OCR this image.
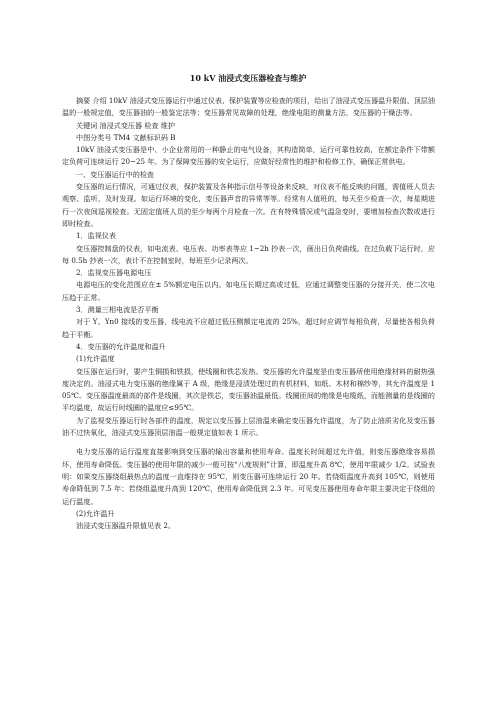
10 kV 油浸式变压器检查与维护

摘要 介绍 10kV 油浸式变压器运行中通过仪表、保护装置等应检查的项目，给出了油浸式变压器温升限值、顶层油温的一般规定值，变压器油的一般鉴定法等；变压器常见故障的处理，绝缘电阻的测量方法，变压器的干燥法等。

关键词 油浸式变压器 检查 维护

中图分类号 TM4 文献标识码 B

10kV 油浸式变压器是中、小企业常用的一种静止的电气设备，其构造简单，运行可靠性较高，在额定条件下带额定负荷可连续运行 20~25 年。为了保障变压器的安全运行，应做好经常性的维护和检修工作，确保正常供电。

一、变压器运行中的检查

变压器的运行情况，可通过仪表，保护装置及各种指示信号等设备来反映，对仪表不能反映的问题，需值班人员去观察、监听，及时发现。如运行环境的变化，变压器声音的异常等等。经常有人值班的，每天至少检查一次，每星期进行一次夜间巡视检查。无固定值班人员的至少每两个月检查一次。在有特殊情况或气温急变时，要增加检查次数或进行即时检查。

1．监视仪表

变压器控制盘的仪表，如电流表、电压表、功率表等应 1~2h 抄表一次，画出日负荷曲线。在过负载下运行时，应每 0.5h 抄表一次，表计不在控制室时，每班至少记录两次。

2．监视变压器电源电压

电源电压的变化范围应在± 5%额定电压以内。如电压长期过高或过低，应通过调整变压器的分接开关，使二次电压趋于正常。

3．测量三相电流是否平衡

对于 Y、Yn0 接线的变压器，线电流不应超过低压侧额定电流的 25%，超过时应调节每相负荷，尽量使各相负荷趋于平衡。

4．变压器的允许温度和温升

(1)允许温度

变压器在运行时，要产生铜损和铁损，使线圈和铁芯发热。变压器的允许温度是由变压器所使用绝缘材料的耐热强度决定的。油浸式电力变压器的绝缘属于 A 级，绝缘是浸渍处理过的有机材料，如纸、木材和棉纱等，其允许温度是 105℃。变压器温度最高的部件是线圈，其次是铁芯，变压器油温最低。线圈匝间的绝缘是电缆纸，而能测量的是线圈的平均温度，故运行时线圈的温度应≤95℃。

为了监视变压器运行时各部件的温度，规定以变压器上层油温来确定变压器允许温度，为了防止油质劣化及变压器油不过快氧化，油浸式变压器顶层油温一般规定值如表 1 所示。

电力变压器的运行温度直接影响到变压器的输出容量和使用寿命。温度长时间超过允许值，则变压器绝缘容易损坏，使用寿命降低。变压器的使用年限的减少一般可按“八度规则”计算，即温度升高 8℃，使用年限减少 1/2。试验表明：如果变压器绕组最热点的温度一直维持在 95℃，则变压器可连续运行 20 年。若绕组温度升高到 105℃，则使用寿命降低到 7.5 年；若绕组温度升高到 120℃，使用寿命降低到 2.3 年。可见变压器使用寿命年限主要决定于绕组的运行温度。

(2)允许温升

油浸式变压器温升限值见表 2。
